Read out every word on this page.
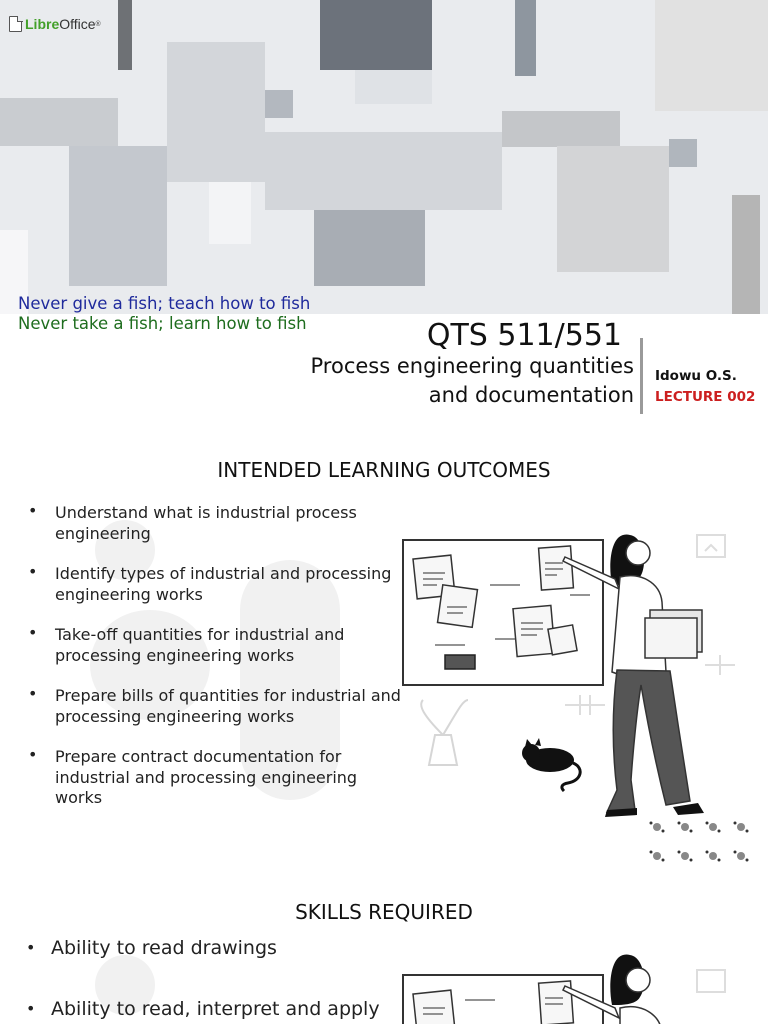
Libre Office ®
Never give a fish; teach how to fish
Never take a fish; learn how to fish	QTS 511/551
Process engineering quantities
and documentation
Idowu O.S.
LECTURE 002
INTENDED LEARNING OUTCOMES
• Understand what is industrial process engineering
• Identify types of industrial and processing engineering works
• Take-off quantities for industrial and processing engineering works
• Prepare bills of quantities for industrial and processing engineering works
• Prepare contract documentation for industrial and processing engineering works
SKILLS REQUIRED
• Ability to read drawings
• Ability to read, interpret and apply
